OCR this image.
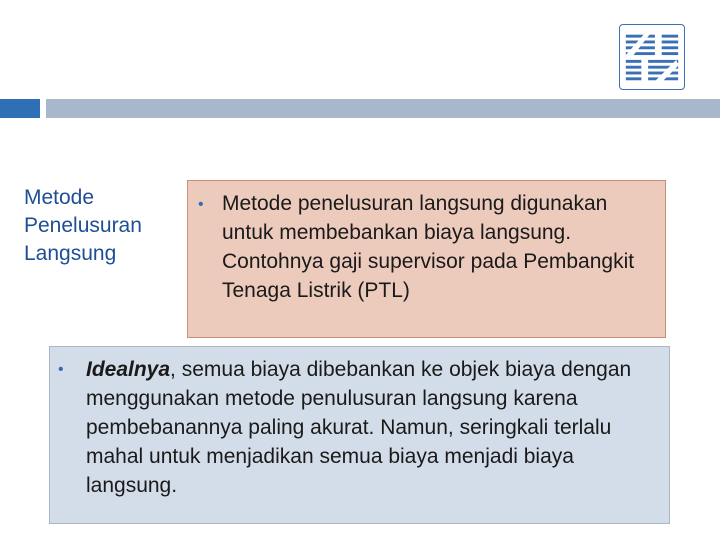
Metode
Penelusuran
Langsung
• Metode penelusuran langsung digunakan untuk membebankan biaya langsung. Contohnya gaji supervisor pada Pembangkit Tenaga Listrik (PTL)

• Idealnya, semua biaya dibebankan ke objek biaya dengan menggunakan metode penulusuran langsung karena pembebanannya paling akurat. Namun, seringkali terlalu mahal untuk menjadikan semua biaya menjadi biaya langsung.
